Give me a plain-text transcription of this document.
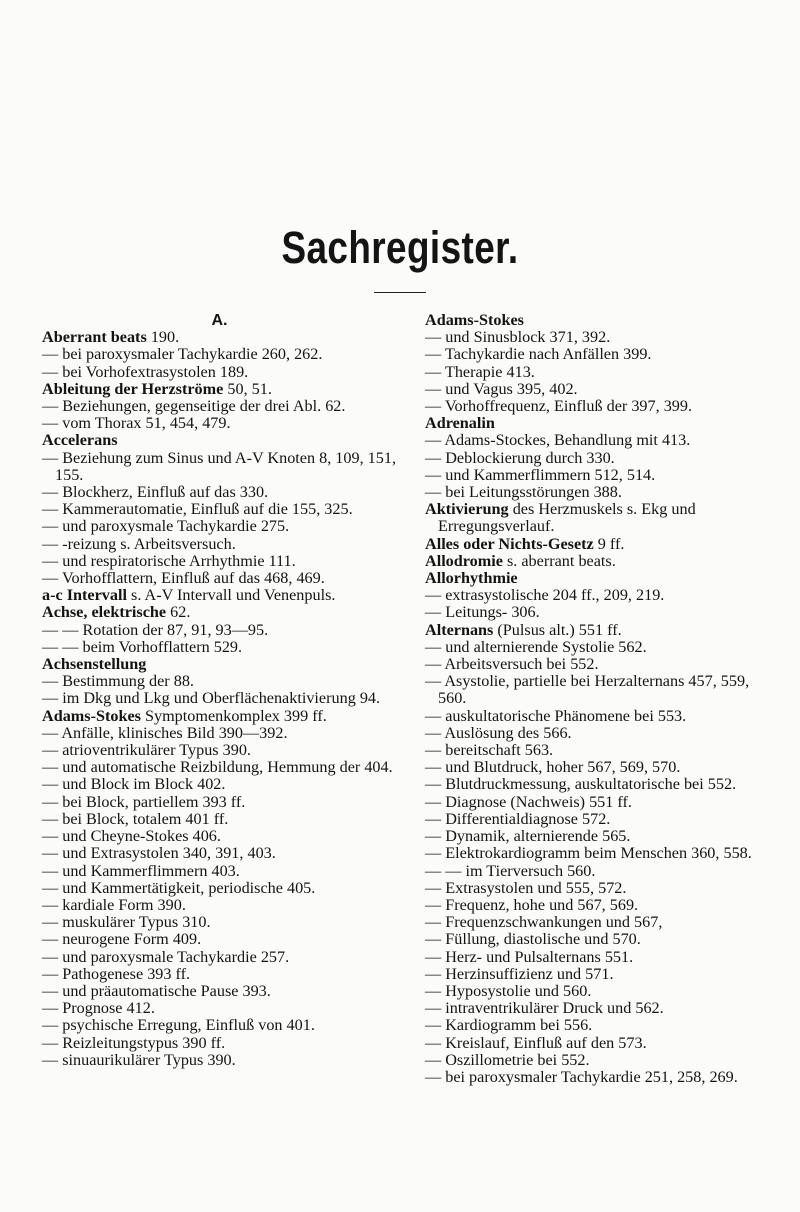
Sachregister.
A.
Aberrant beats 190.
— bei paroxysmaler Tachykardie 260, 262.
— bei Vorhofextrasystolen 189.
Ableitung der Herzströme 50, 51.
— Beziehungen, gegenseitige der drei Abl. 62.
— vom Thorax 51, 454, 479.
Accelerans
— Beziehung zum Sinus und A-V Knoten 8, 109, 151, 155.
— Blockherz, Einfluß auf das 330.
— Kammerautomatie, Einfluß auf die 155, 325.
— und paroxysmale Tachykardie 275.
— -reizung s. Arbeitsversuch.
— und respiratorische Arrhythmie 111.
— Vorhofflattern, Einfluß auf das 468, 469.
a-c Intervall s. A-V Intervall und Venenpuls.
Achse, elektrische 62.
— — Rotation der 87, 91, 93—95.
— — beim Vorhofflattern 529.
Achsenstellung
— Bestimmung der 88.
— im Dkg und Lkg und Oberflächenaktivierung 94.
Adams-Stokes Symptomenkomplex 399 ff.
— Anfälle, klinisches Bild 390—392.
— atrioventrikulärer Typus 390.
— und automatische Reizbildung, Hemmung der 404.
— und Block im Block 402.
— bei Block, partiellem 393 ff.
— bei Block, totalem 401 ff.
— und Cheyne-Stokes 406.
— und Extrasystolen 340, 391, 403.
— und Kammerflimmern 403.
— und Kammertätigkeit, periodische 405.
— kardiale Form 390.
— muskulärer Typus 310.
— neurogene Form 409.
— und paroxysmale Tachykardie 257.
— Pathogenese 393 ff.
— und präautomatische Pause 393.
— Prognose 412.
— psychische Erregung, Einfluß von 401.
— Reizleitungstypus 390 ff.
— sinuaurikulärer Typus 390.
Adams-Stokes
— und Sinusblock 371, 392.
— Tachykardie nach Anfällen 399.
— Therapie 413.
— und Vagus 395, 402.
— Vorhoffrequenz, Einfluß der 397, 399.
Adrenalin
— Adams-Stockes, Behandlung mit 413.
— Deblockierung durch 330.
— und Kammerflimmern 512, 514.
— bei Leitungsstörungen 388.
Aktivierung des Herzmuskels s. Ekg und Erregungsverlauf.
Alles oder Nichts-Gesetz 9 ff.
Allodromie s. aberrant beats.
Allorhythmie
— extrasystolische 204 ff., 209, 219.
— Leitungs- 306.
Alternans (Pulsus alt.) 551 ff.
— und alternierende Systolie 562.
— Arbeitsversuch bei 552.
— Asystolie, partielle bei Herzalternans 457, 559, 560.
— auskultatorische Phänomene bei 553.
— Auslösung des 566.
— bereitschaft 563.
— und Blutdruck, hoher 567, 569, 570.
— Blutdruckmessung, auskultatorische bei 552.
— Diagnose (Nachweis) 551 ff.
— Differentialdiagnose 572.
— Dynamik, alternierende 565.
— Elektrokardiogramm beim Menschen 360, 558.
— — im Tierversuch 560.
— Extrasystolen und 555, 572.
— Frequenz, hohe und 567, 569.
— Frequenzschwankungen und 567,
— Füllung, diastolische und 570.
— Herz- und Pulsalternans 551.
— Herzinsuffizienz und 571.
— Hyposystolie und 560.
— intraventrikulärer Druck und 562.
— Kardiogramm bei 556.
— Kreislauf, Einfluß auf den 573.
— Oszillometrie bei 552.
— bei paroxysmaler Tachykardie 251, 258, 269.
